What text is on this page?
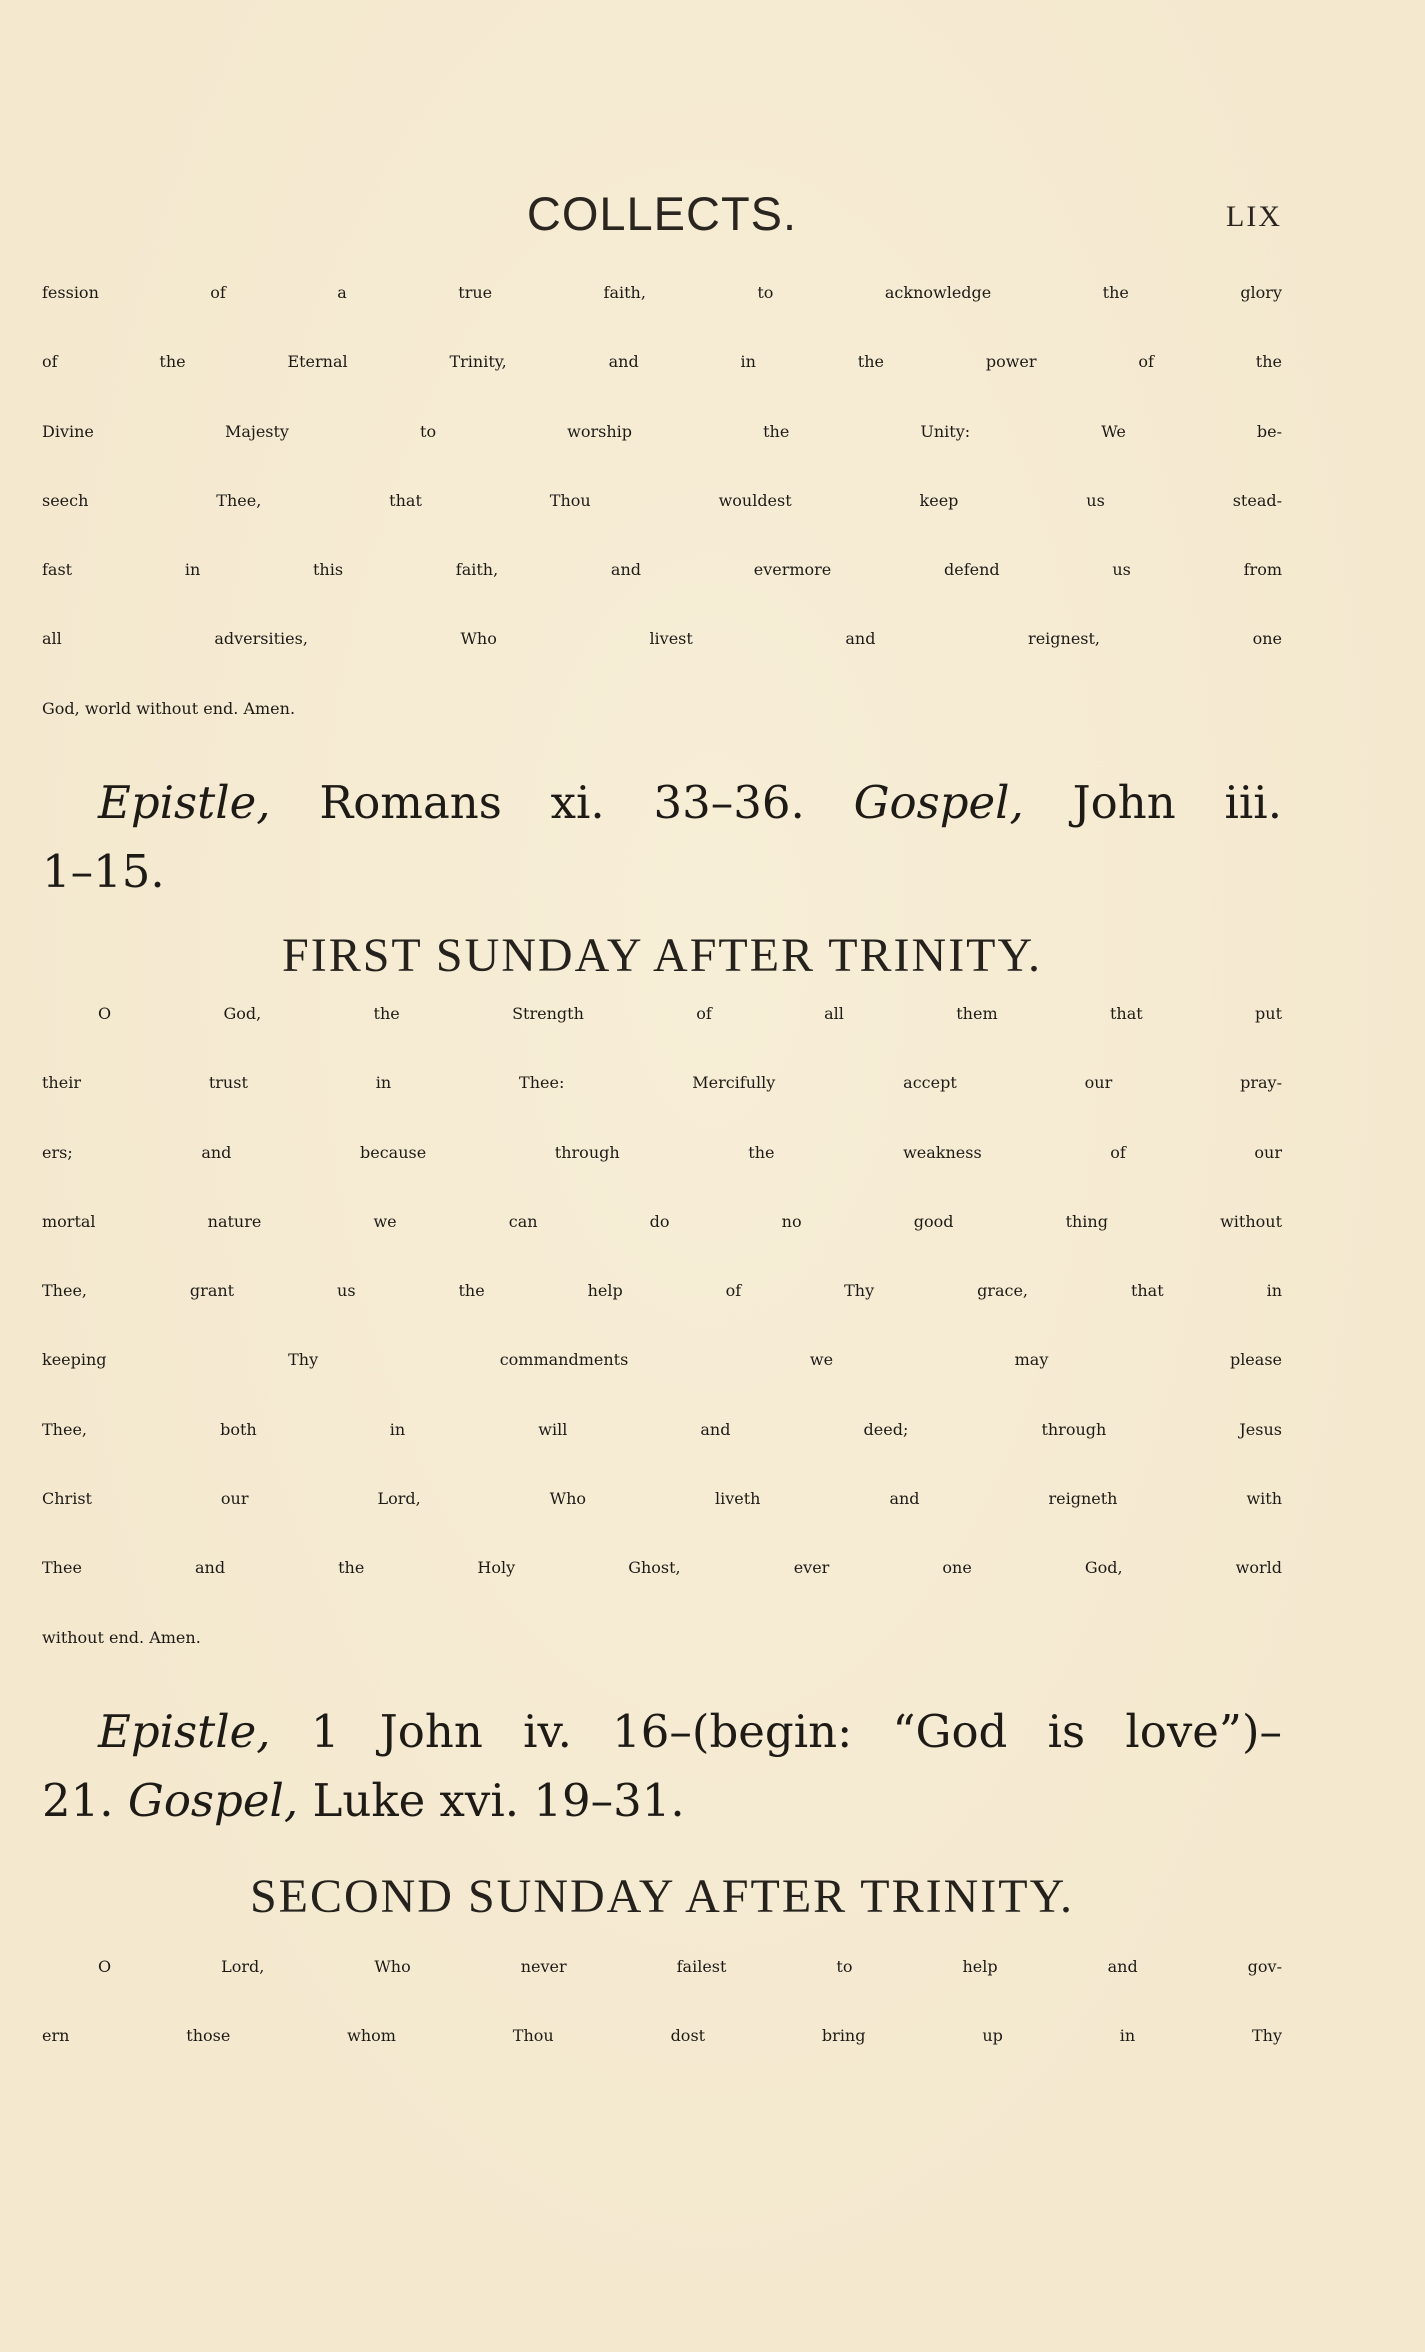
COLLECTS.	LIX
fession of a true faith, to acknowledge the glory
of the Eternal Trinity, and in the power of the
Divine Majesty to worship the Unity: We be-
seech Thee, that Thou wouldest keep us stead-
fast in this faith, and evermore defend us from
all adversities, Who livest and reignest, one
God, world without end. Amen.
Epistle, Romans xi. 33–36. Gospel, John iii.
1–15.
FIRST SUNDAY AFTER TRINITY.
O God, the Strength of all them that put
their trust in Thee: Mercifully accept our pray-
ers; and because through the weakness of our
mortal nature we can do no good thing without
Thee, grant us the help of Thy grace, that in
keeping Thy commandments we may please
Thee, both in will and deed; through Jesus
Christ our Lord, Who liveth and reigneth with
Thee and the Holy Ghost, ever one God, world
without end. Amen.
Epistle, 1 John iv. 16–(begin: “God is love”)–
21. Gospel, Luke xvi. 19–31.
SECOND SUNDAY AFTER TRINITY.
O Lord, Who never failest to help and gov-
ern those whom Thou dost bring up in Thy
